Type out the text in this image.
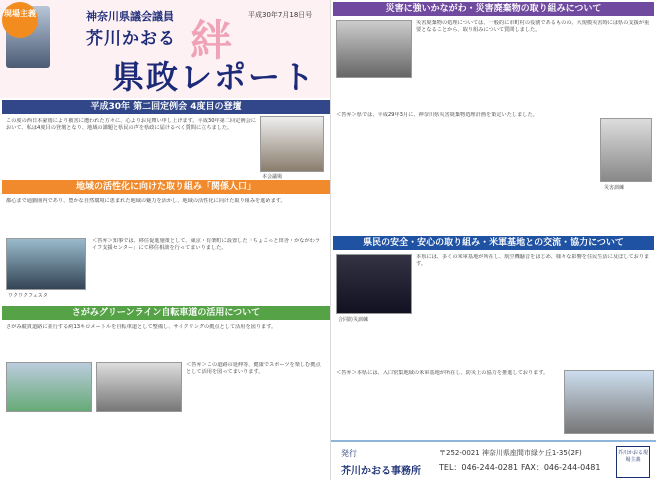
現場主義	神奈川県議会議員
芥川かおる 絆
県政レポート
平成30年7月18日号
平成30年 第二回定例会 4度目の登壇
この度の西日本豪雨により被害に遭われた方々に、心よりお見舞い申し上げます。平成30年第二回定例会において、私は4度目の登壇となり、地域の課題と県民の声を県政に届けるべく質問に立ちました。
本会議場
地域の活性化に向けた取り組み「関係人口」
都心まで通勤圏内であり、豊かな自然環境に恵まれた地域の魅力を活かし、地域の活性化に向けた取り組みを進めます。
ワクワクフェスタ
＜答弁＞知事では、移住促進施策として、東京・有楽町に設置した「ちょこっと田舎・かながわライフ支援センター」にて移住相談を行ってまいりました。
さがみグリーンライン自転車道の活用について
さがみ縦貫道路に並行する約13キロメートルを自転車道として整備し、サイクリングの拠点として活用を図ります。
＜答弁＞この道路の延伸等、健康でスポーツを楽しむ拠点として活用を図ってまいります。
災害に強いかながわ・災害廃棄物の取り組みについて
災害廃棄物の処理については、一般的に市町村の役割であるものの、大規模災害時には県の支援が重要となることから、取り組みについて質問しました。
＜答弁＞県では、平成29年3月に、神奈川県災害廃棄物処理計画を策定いたしました。
災害訓練
県民の安全・安心の取り組み・米軍基地との交流・協力について
本県には、多くの米軍基地が所在し、航空機騒音をはじめ、様々な影響を住民生活に及ぼしております。
合同防災訓練
＜答弁＞本県には、入口密集地域の米軍基地が所在し、防災上の協力を推進しております。
発行
芥川かおる事務所
〒252-0021 神奈川県座間市緑ケ丘1-35(2F)
TEL：046-244-0281 FAX：046-244-0481
芥川かおる現場主義
